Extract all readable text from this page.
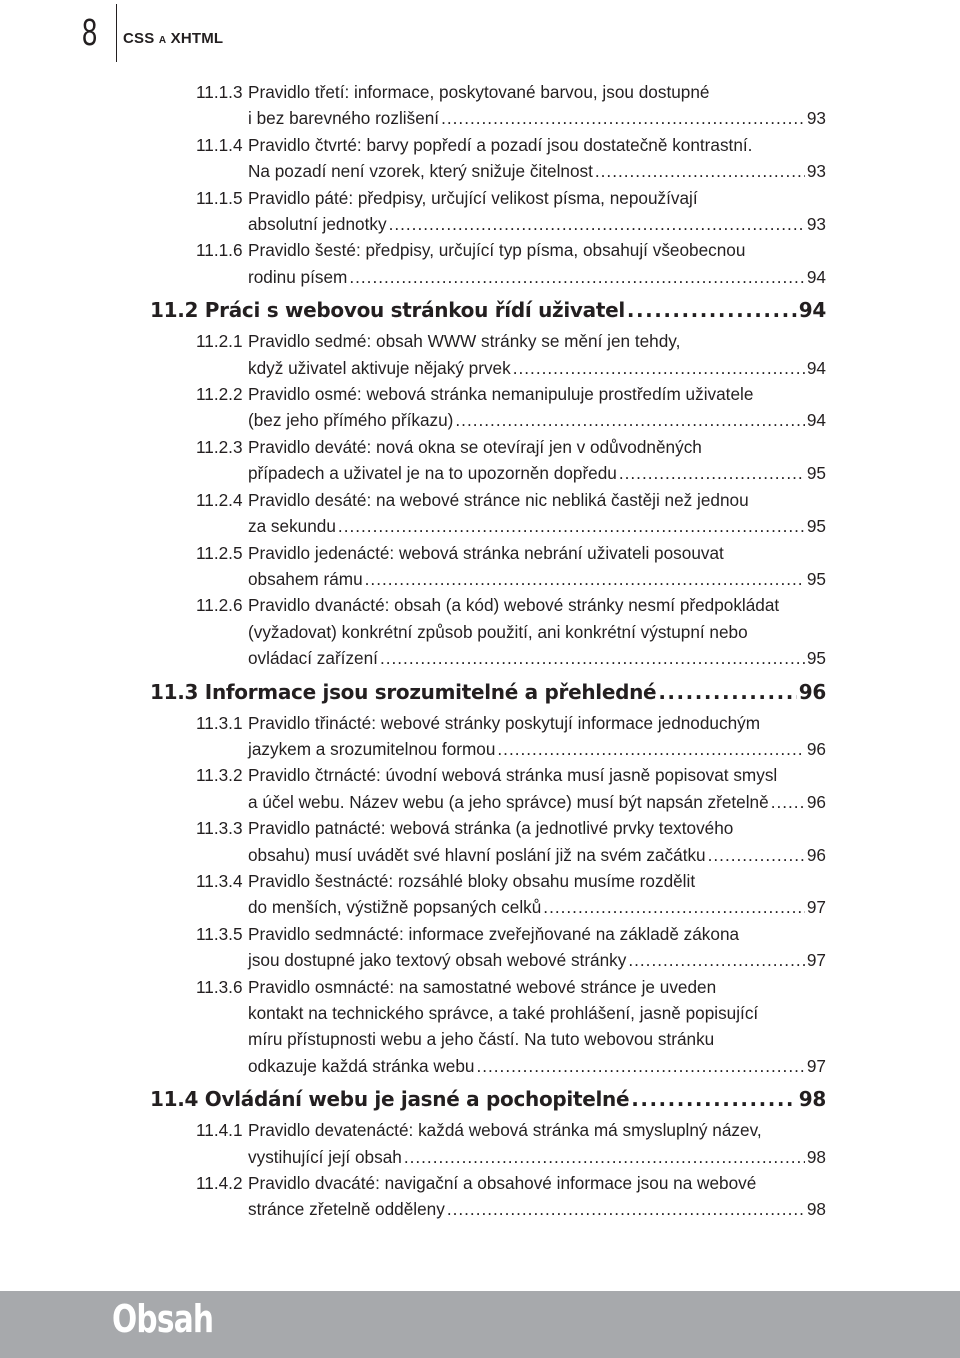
8 CSS A XHTML
11.1.3 Pravidlo třetí: informace, poskytované barvou, jsou dostupné
i bez barevného rozlišení .....	93
11.1.4 Pravidlo čtvrté: barvy popředí a pozadí jsou dostatečně kontrastní.
Na pozadí není vzorek, který snižuje čitelnost .....	93
11.1.5 Pravidlo páté: předpisy, určující velikost písma, nepoužívají
absolutní jednotky .....	93
11.1.6 Pravidlo šesté: předpisy, určující typ písma, obsahují všeobecnou
rodinu písem .....	94
11.2 Práci s webovou stránkou řídí uživatel .....	94
11.2.1 Pravidlo sedmé: obsah WWW stránky se mění jen tehdy,
když uživatel aktivuje nějaký prvek .....	94
11.2.2 Pravidlo osmé: webová stránka nemanipuluje prostředím uživatele
(bez jeho přímého příkazu) .....	94
11.2.3 Pravidlo deváté: nová okna se otevírají jen v odůvodněných
případech a uživatel je na to upozorněn dopředu .....	95
11.2.4 Pravidlo desáté: na webové stránce nic nebliká častěji než jednou
za sekundu .....	95
11.2.5 Pravidlo jedenácté: webová stránka nebrání uživateli posouvat
obsahem rámu .....	95
11.2.6 Pravidlo dvanácté: obsah (a kód) webové stránky nesmí předpokládat
(vyžadovat) konkrétní způsob použití, ani konkrétní výstupní nebo
ovládací zařízení .....	95
11.3 Informace jsou srozumitelné a přehledné .....	96
11.3.1 Pravidlo třinácté: webové stránky poskytují informace jednoduchým
jazykem a srozumitelnou formou .....	96
11.3.2 Pravidlo čtrnácté: úvodní webová stránka musí jasně popisovat smysl
a účel webu. Název webu (a jeho správce) musí být napsán zřetelně ..... 96
11.3.3 Pravidlo patnácté: webová stránka (a jednotlivé prvky textového
obsahu) musí uvádět své hlavní poslání již na svém začátku .....	96
11.3.4 Pravidlo šestnácté: rozsáhlé bloky obsahu musíme rozdělit
do menších, výstižně popsaných celků .....	97
11.3.5 Pravidlo sedmnácté: informace zveřejňované na základě zákona
jsou dostupné jako textový obsah webové stránky .....	97
11.3.6 Pravidlo osmnácté: na samostatné webové stránce je uveden
kontakt na technického správce, a také prohlášení, jasně popisující
míru přístupnosti webu a jeho částí. Na tuto webovou stránku
odkazuje každá stránka webu .....	97
11.4 Ovládání webu je jasné a pochopitelné .....	98
11.4.1 Pravidlo devatenácté: každá webová stránka má smysluplný název,
vystihující její obsah .....	98
11.4.2 Pravidlo dvacáté: navigační a obsahové informace jsou na webové
stránce zřetelně odděleny .....	98
Obsah
